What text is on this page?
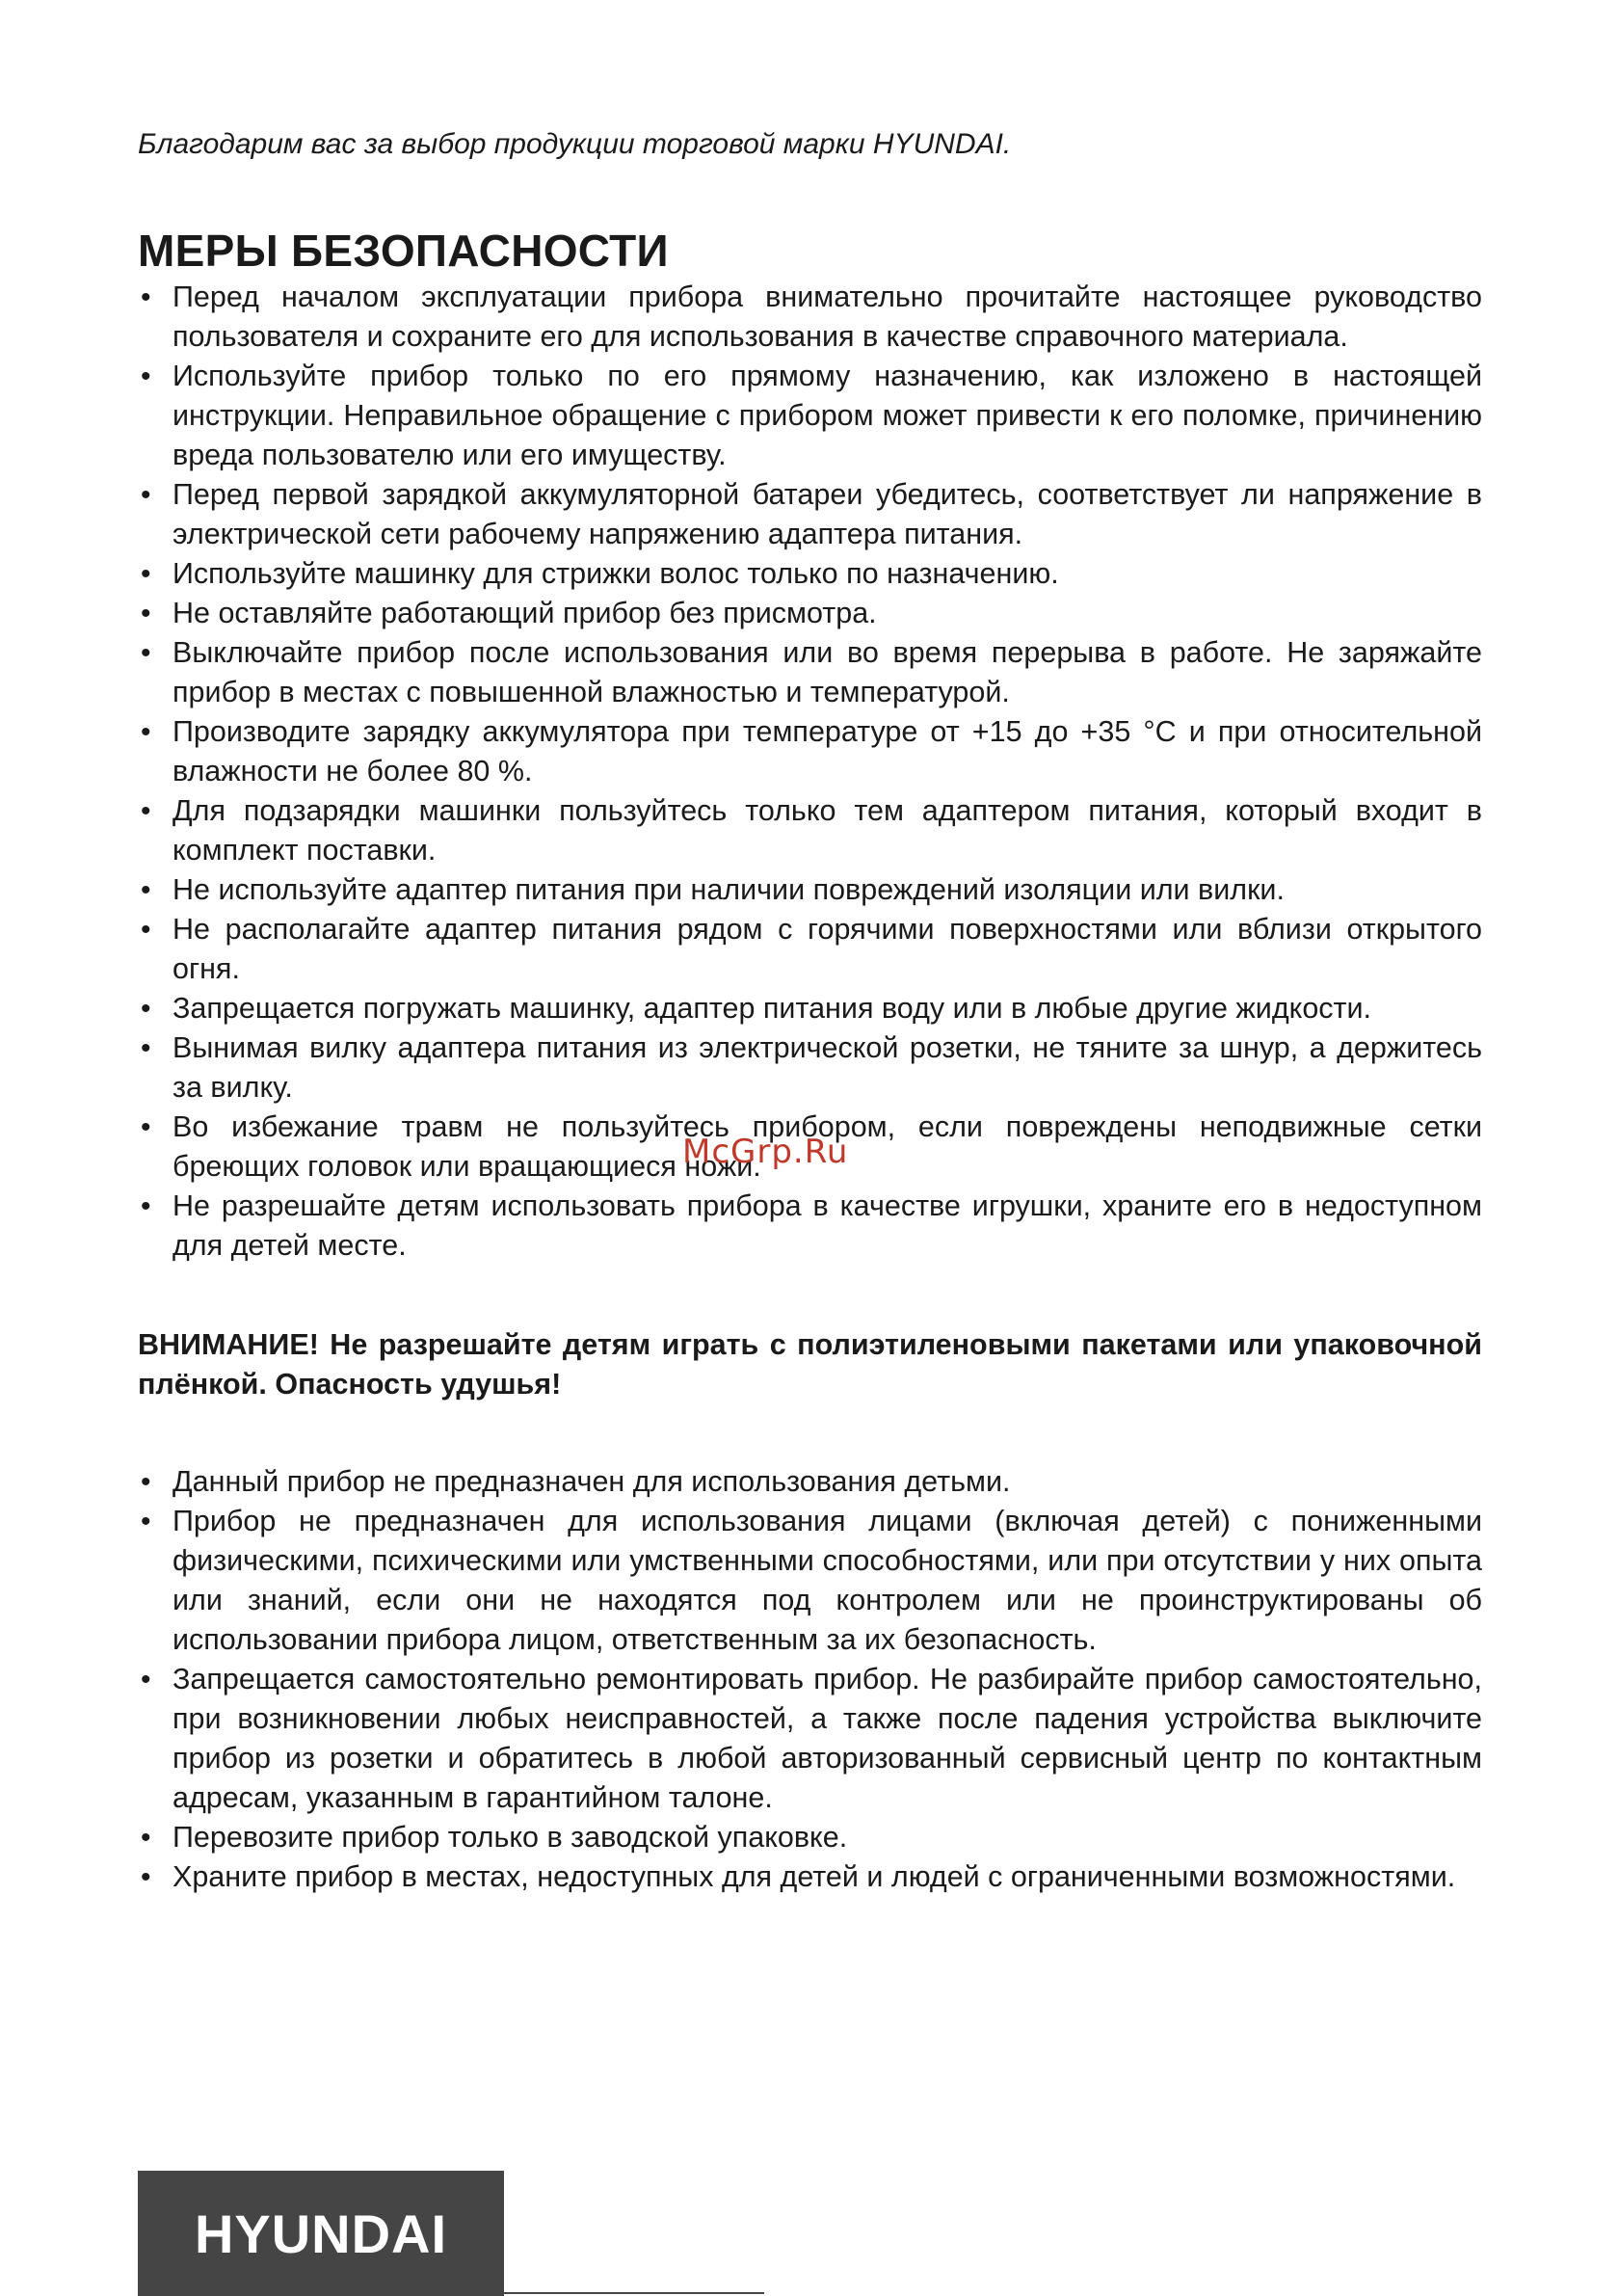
Благодарим вас за выбор продукции торговой марки HYUNDAI.

МЕРЫ БЕЗОПАСНОСТИ
• Перед началом эксплуатации прибора внимательно прочитайте настоящее руководство пользователя и сохраните его для использования в качестве справочного материала.
• Используйте прибор только по его прямому назначению, как изложено в настоящей инструкции. Неправильное обращение с прибором может привести к его поломке, причинению вреда пользователю или его имуществу.
• Перед первой зарядкой аккумуляторной батареи убедитесь, соответствует ли напряжение в электрической сети рабочему напряжению адаптера питания.
• Используйте машинку для стрижки волос только по назначению.
• Не оставляйте работающий прибор без присмотра.
• Выключайте прибор после использования или во время перерыва в работе. Не заряжайте прибор в местах с повышенной влажностью и температурой.
• Производите зарядку аккумулятора при температуре от +15 до +35 °С и при относительной влажности не более 80 %.
• Для подзарядки машинки пользуйтесь только тем адаптером питания, который входит в комплект поставки.
• Не используйте адаптер питания при наличии повреждений изоляции или вилки.
• Не располагайте адаптер питания рядом с горячими поверхностями или вблизи открытого огня.
• Запрещается погружать машинку, адаптер питания воду или в любые другие жидкости.
• Вынимая вилку адаптера питания из электрической розетки, не тяните за шнур, а держитесь за вилку.
• Во избежание травм не пользуйтесь прибором, если повреждены неподвижные сетки бреющих головок или вращающиеся ножи.
• Не разрешайте детям использовать прибора в качестве игрушки, храните его в недоступном для детей месте.

ВНИМАНИЕ! Не разрешайте детям играть с полиэтиленовыми пакетами или упаковочной плёнкой. Опасность удушья!

• Данный прибор не предназначен для использования детьми.
• Прибор не предназначен для использования лицами (включая детей) с пониженными физическими, психическими или умственными способностями, или при отсутствии у них опыта или знаний, если они не находятся под контролем или не проинструктированы об использовании прибора лицом, ответственным за их безопасность.
• Запрещается самостоятельно ремонтировать прибор. Не разбирайте прибор самостоятельно, при возникновении любых неисправностей, а также после падения устройства выключите прибор из розетки и обратитесь в любой авторизованный сервисный центр по контактным адресам, указанным в гарантийном талоне.
• Перевозите прибор только в заводской упаковке.
• Храните прибор в местах, недоступных для детей и людей с ограниченными возможностями.
McGrp.Ru
HYUNDAI
